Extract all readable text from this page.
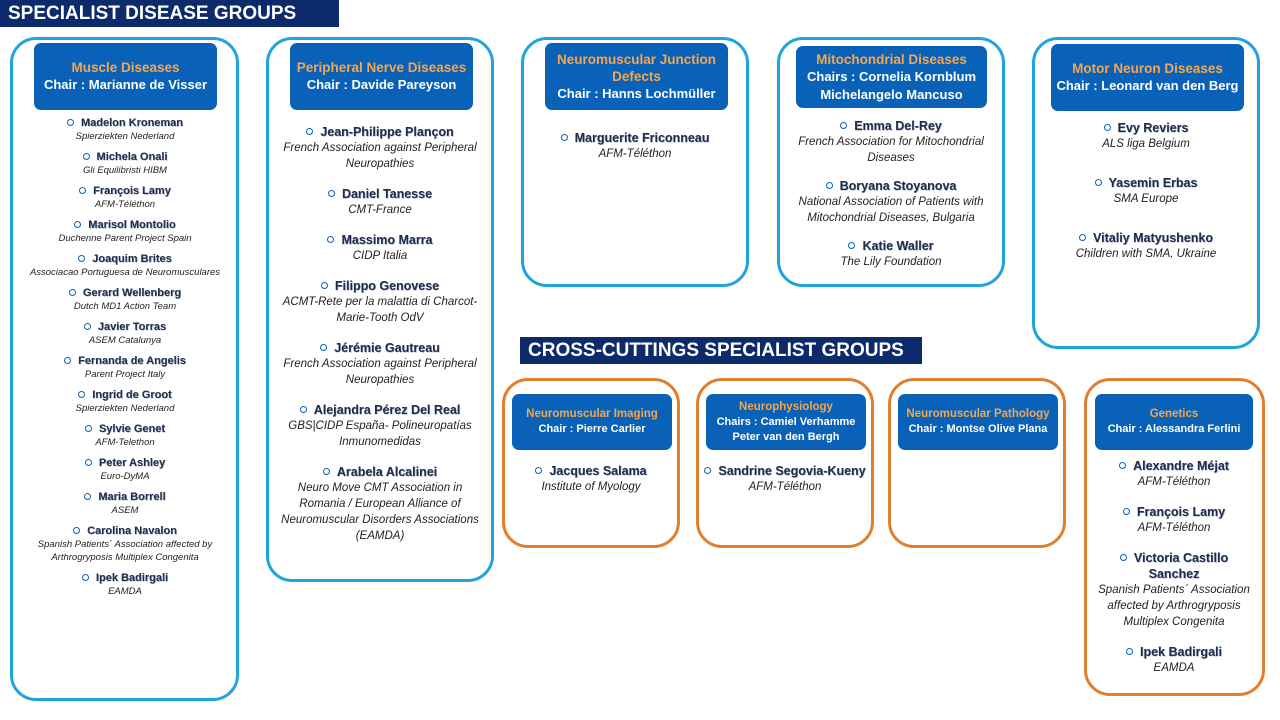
SPECIALIST DISEASE GROUPS
CROSS-CUTTINGS SPECIALIST GROUPS
Muscle Diseases
Chair : Marianne de Visser
Madelon Kroneman
Spierziekten Nederland
Michela Onali
Gli Equilibristi HIBM
François Lamy
AFM-Téléthon
Marisol Montolio
Duchenne Parent Project Spain
Joaquim Brites
Associacao Portuguesa de Neuromusculares
Gerard Wellenberg
Dutch MD1 Action Team
Javier Torras
ASEM Catalunya
Fernanda de Angelis
Parent Project Italy
Ingrid de Groot
Spierziekten Nederland
Sylvie Genet
AFM-Telethon
Peter Ashley
Euro-DyMA
Maria Borrell
ASEM
Carolina Navalon
Spanish Patients´ Association affected by Arthrogryposis Multiplex Congenita
Ipek Badirgali
EAMDA
Peripheral Nerve Diseases
Chair : Davide Pareyson
Jean-Philippe Plançon
French Association against Peripheral Neuropathies
Daniel Tanesse
CMT-France
Massimo Marra
CIDP Italia
Filippo Genovese
ACMT-Rete per la malattia di Charcot-Marie-Tooth OdV
Jérémie Gautreau
French Association against Peripheral Neuropathies
Alejandra Pérez Del Real
GBS|CIDP España- Polineuropatías Inmunomedidas
Arabela Alcalinei
Neuro Move CMT Association in Romania / European Alliance of Neuromuscular Disorders Associations (EAMDA)
Neuromuscular Junction Defects
Chair : Hanns Lochmüller
Marguerite Friconneau
AFM-Téléthon
Mitochondrial Diseases
Chairs : Cornelia Kornblum Michelangelo Mancuso
Emma Del-Rey
French Association for Mitochondrial Diseases
Boryana Stoyanova
National Association of Patients with Mitochondrial Diseases, Bulgaria
Katie Waller
The Lily Foundation
Motor Neuron Diseases
Chair : Leonard van den Berg
Evy Reviers
ALS liga Belgium
Yasemin Erbas
SMA Europe
Vitaliy Matyushenko
Children with SMA, Ukraine
Neuromuscular Imaging
Chair : Pierre Carlier
Jacques Salama
Institute of Myology
Neurophysiology
Chairs : Camiel Verhamme Peter van den Bergh
Sandrine Segovia-Kueny
AFM-Téléthon
Neuromuscular Pathology
Chair : Montse Olive Plana
Genetics
Chair : Alessandra Ferlini
Alexandre Méjat
AFM-Téléthon
François Lamy
AFM-Téléthon
Victoria Castillo Sanchez
Spanish Patients´ Association affected by Arthrogryposis Multiplex Congenita
Ipek Badirgali
EAMDA
